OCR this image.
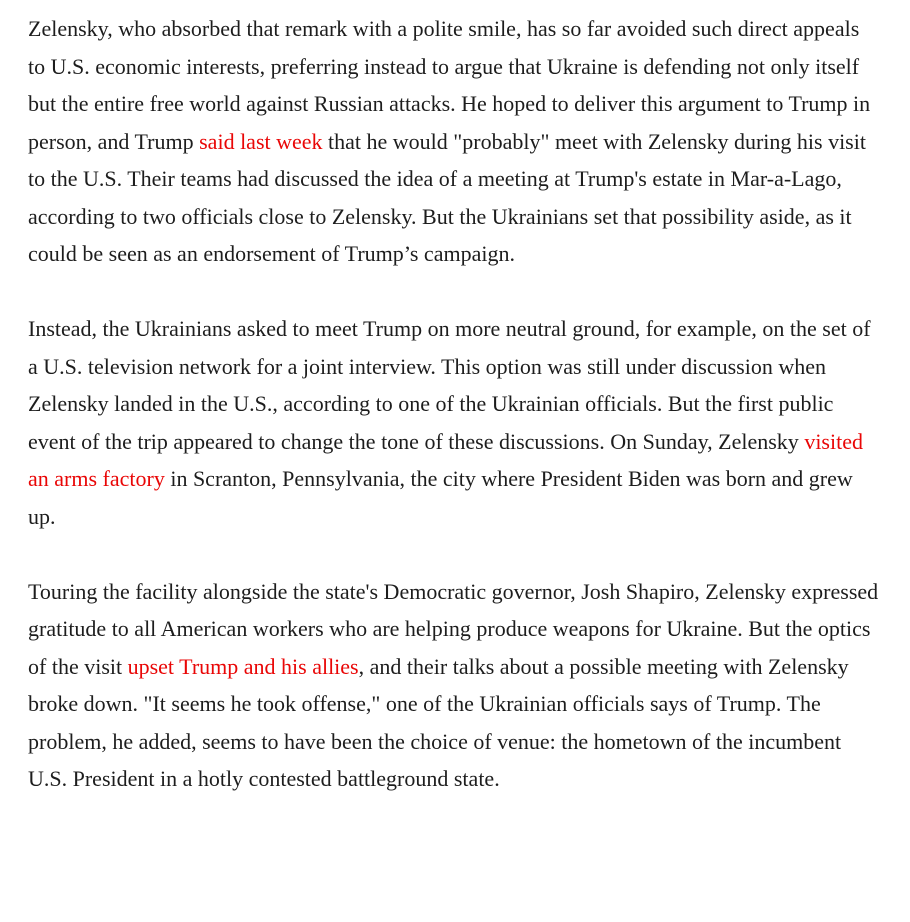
Zelensky, who absorbed that remark with a polite smile, has so far avoided such direct appeals to U.S. economic interests, preferring instead to argue that Ukraine is defending not only itself but the entire free world against Russian attacks. He hoped to deliver this argument to Trump in person, and Trump said last week that he would "probably" meet with Zelensky during his visit to the U.S. Their teams had discussed the idea of a meeting at Trump's estate in Mar-a-Lago, according to two officials close to Zelensky. But the Ukrainians set that possibility aside, as it could be seen as an endorsement of Trump’s campaign.

Instead, the Ukrainians asked to meet Trump on more neutral ground, for example, on the set of a U.S. television network for a joint interview. This option was still under discussion when Zelensky landed in the U.S., according to one of the Ukrainian officials. But the first public event of the trip appeared to change the tone of these discussions. On Sunday, Zelensky visited an arms factory in Scranton, Pennsylvania, the city where President Biden was born and grew up.

Touring the facility alongside the state's Democratic governor, Josh Shapiro, Zelensky expressed gratitude to all American workers who are helping produce weapons for Ukraine. But the optics of the visit upset Trump and his allies, and their talks about a possible meeting with Zelensky broke down. "It seems he took offense," one of the Ukrainian officials says of Trump. The problem, he added, seems to have been the choice of venue: the hometown of the incumbent U.S. President in a hotly contested battleground state.
